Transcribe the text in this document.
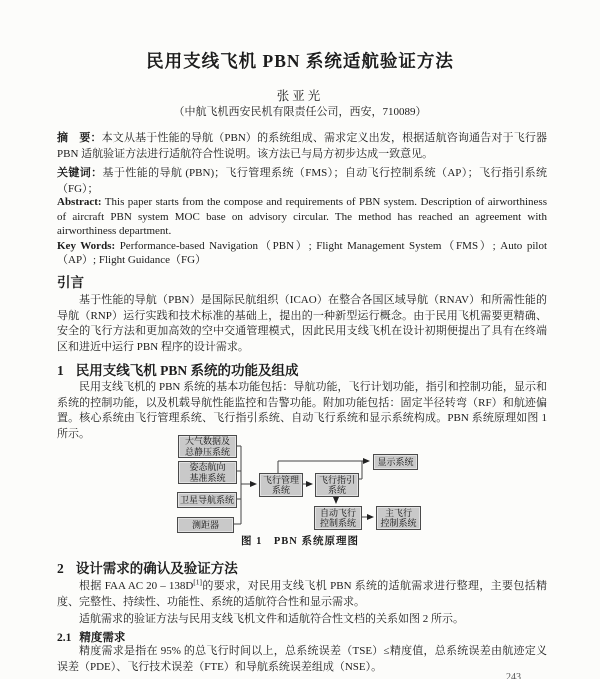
民用支线飞机 PBN 系统适航验证方法
张亚光
（中航飞机西安民机有限责任公司，西安，710089）

摘　要：本文从基于性能的导航（PBN）的系统组成、需求定义出发，根据适航咨询通告对于飞行器 PBN 适航验证方法进行适航符合性说明。该方法已与局方初步达成一致意见。

关键词：基于性能的导航 (PBN)；飞行管理系统（FMS）；自动飞行控制系统（AP）；飞行指引系统（FG）；

Abstract: This paper starts from the compose and requirements of PBN system. Description of airworthiness of aircraft PBN system MOC base on advisory circular. The method has reached an agreement with airworthiness department.

Key Words: Performance-based Navigation（PBN）; Flight Management System（FMS）; Auto pilot（AP）; Flight Guidance（FG）

引言

基于性能的导航（PBN）是国际民航组织（ICAO）在整合各国区域导航（RNAV）和所需性能的导航（RNP）运行实践和技术标准的基础上，提出的一种新型运行概念。由于民用飞机需要更精确、安全的飞行方法和更加高效的空中交通管理模式，因此民用支线飞机在设计初期便提出了具有在终端区和进近中运行 PBN 程序的设计需求。

1 民用支线飞机 PBN 系统的功能及组成

民用支线飞机的 PBN 系统的基本功能包括：导航功能，飞行计划功能，指引和控制功能，显示和系统的控制功能，以及机载导航性能监控和告警功能。附加功能包括：固定半径转弯（RF）和航迹偏置。核心系统由飞行管理系统、飞行指引系统、自动飞行系统和显示系统构成。PBN 系统原理如图 1 所示。

大气数据及
总静压系统
姿态航向
基准系统
卫星导航系统
测距器
飞行管理
系统
飞行指引
系统
显示系统
自动飞行
控制系统
主飞行
控制系统
图 1　PBN 系统原理图
2 设计需求的确认及验证方法

根据 FAA AC 20 – 138D[1]的要求，对民用支线飞机 PBN 系统的适航需求进行整理，主要包括精度、完整性、持续性、功能性、系统的适航符合性和显示需求。

适航需求的验证方法与民用支线飞机文件和适航符合性文档的关系如图 2 所示。

2.1 精度需求

精度需求是指在 95% 的总飞行时间以上，总系统误差（TSE）≤精度值，总系统误差由航迹定义误差（PDE）、飞行技术误差（FTE）和导航系统误差组成（NSE）。

243
